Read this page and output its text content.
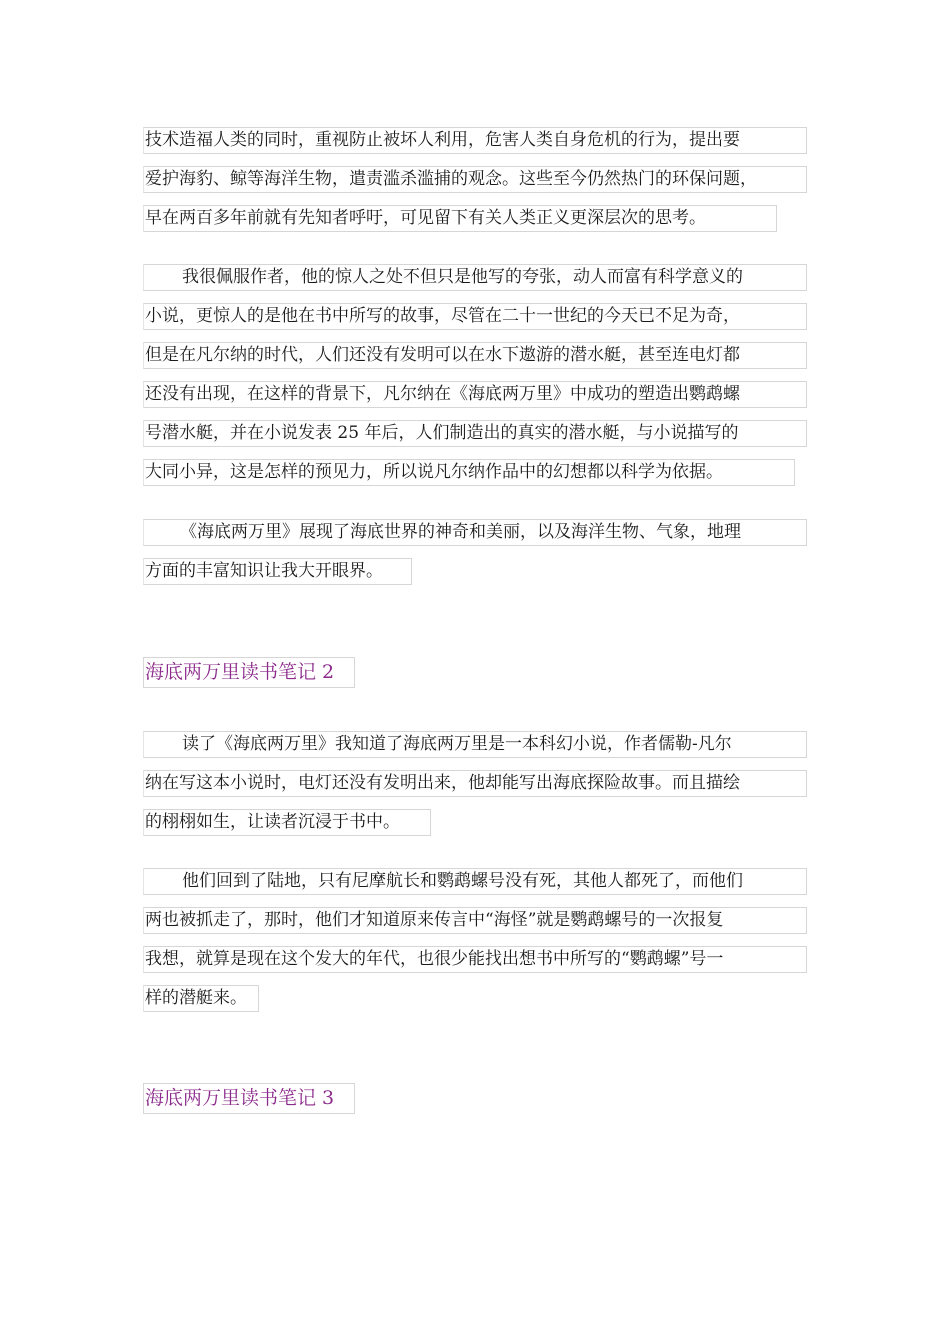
技术造福人类的同时，重视防止被坏人利用，危害人类自身危机的行为，提出要
爱护海豹、鲸等海洋生物，遣责滥杀滥捕的观念。这些至今仍然热门的环保问题，
早在两百多年前就有先知者呼吁，可见留下有关人类正义更深层次的思考。
我很佩服作者，他的惊人之处不但只是他写的夸张，动人而富有科学意义的
小说，更惊人的是他在书中所写的故事，尽管在二十一世纪的今天已不足为奇，
但是在凡尔纳的时代，人们还没有发明可以在水下遨游的潜水艇，甚至连电灯都
还没有出现，在这样的背景下，凡尔纳在《海底两万里》中成功的塑造出鹦鹉螺
号潜水艇，并在小说发表 25 年后，人们制造出的真实的潜水艇，与小说描写的
大同小异，这是怎样的预见力，所以说凡尔纳作品中的幻想都以科学为依据。
《海底两万里》展现了海底世界的神奇和美丽，以及海洋生物、气象，地理
方面的丰富知识让我大开眼界。
海底两万里读书笔记 2
读了《海底两万里》我知道了海底两万里是一本科幻小说，作者儒勒-凡尔
纳在写这本小说时，电灯还没有发明出来，他却能写出海底探险故事。而且描绘
的栩栩如生，让读者沉浸于书中。
他们回到了陆地，只有尼摩航长和鹦鹉螺号没有死，其他人都死了，而他们
两也被抓走了，那时，他们才知道原来传言中“海怪”就是鹦鹉螺号的一次报复
我想，就算是现在这个发大的年代，也很少能找出想书中所写的“鹦鹉螺”号一
样的潜艇来。
海底两万里读书笔记 3
